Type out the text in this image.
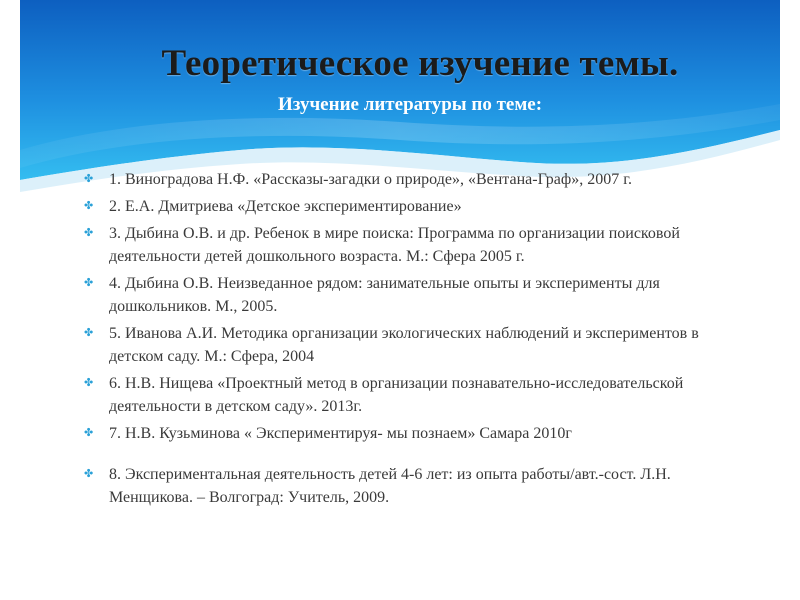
Теоретическое изучение темы.
Изучение литературы по теме:
✤ 1. Виноградова Н.Ф. «Рассказы-загадки о природе», «Вентана-Граф», 2007 г.
✤ 2. Е.А. Дмитриева «Детское экспериментирование»
✤ 3. Дыбина О.В. и др. Ребенок в мире поиска: Программа по организации поисковой деятельности детей дошкольного возраста. М.: Сфера 2005 г.
✤ 4. Дыбина О.В. Неизведанное рядом: занимательные опыты и эксперименты для дошкольников. М., 2005.
✤ 5. Иванова А.И. Методика организации экологических наблюдений и экспериментов в детском саду. М.: Сфера, 2004
✤ 6. Н.В. Нищева «Проектный метод в организации познавательно-исследовательской деятельности в детском саду». 2013г.
✤ 7. Н.В. Кузьминова « Экспериментируя- мы познаем» Самара 2010г
✤ 8. Экспериментальная деятельность детей 4-6 лет: из опыта работы/авт.-сост. Л.Н. Менщикова. – Волгоград: Учитель, 2009.
